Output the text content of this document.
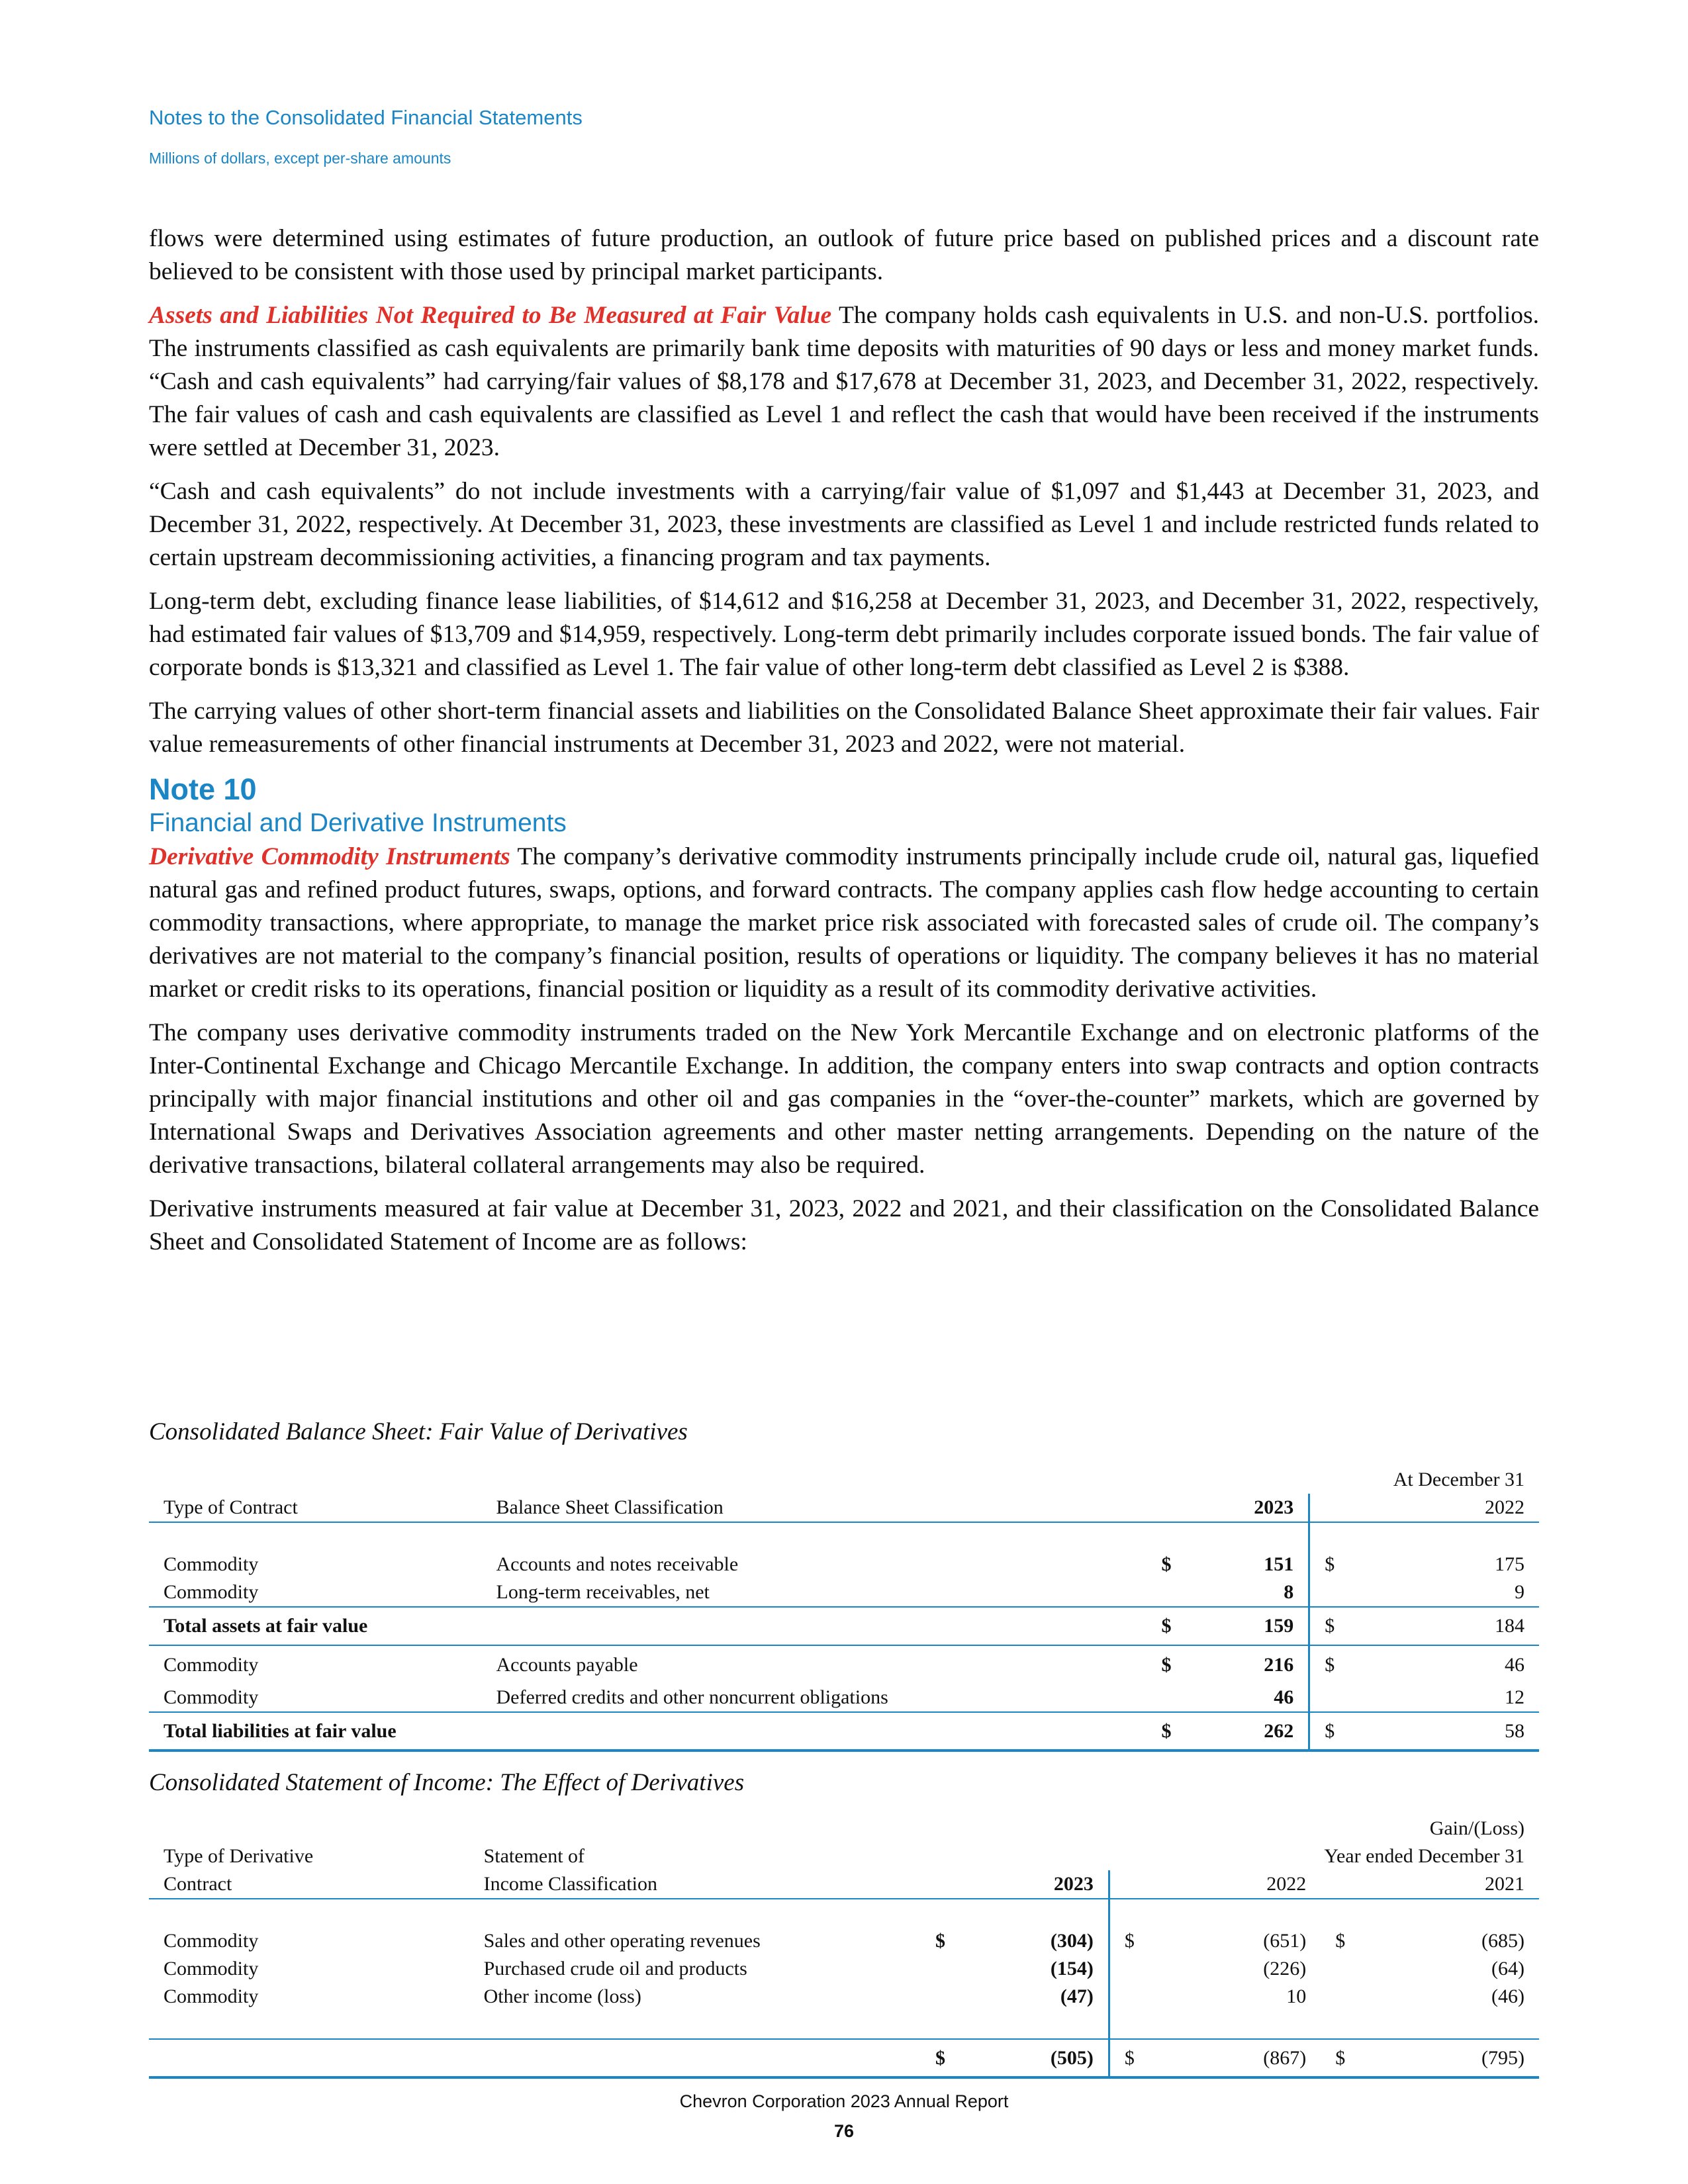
Notes to the Consolidated Financial Statements
Millions of dollars, except per-share amounts

flows were determined using estimates of future production, an outlook of future price based on published prices and a discount rate believed to be consistent with those used by principal market participants.

Assets and Liabilities Not Required to Be Measured at Fair Value The company holds cash equivalents in U.S. and non-U.S. portfolios. The instruments classified as cash equivalents are primarily bank time deposits with maturities of 90 days or less and money market funds. “Cash and cash equivalents” had carrying/fair values of $8,178 and $17,678 at December 31, 2023, and December 31, 2022, respectively. The fair values of cash and cash equivalents are classified as Level 1 and reflect the cash that would have been received if the instruments were settled at December 31, 2023.

“Cash and cash equivalents” do not include investments with a carrying/fair value of $1,097 and $1,443 at December 31, 2023, and December 31, 2022, respectively. At December 31, 2023, these investments are classified as Level 1 and include restricted funds related to certain upstream decommissioning activities, a financing program and tax payments.

Long-term debt, excluding finance lease liabilities, of $14,612 and $16,258 at December 31, 2023, and December 31, 2022, respectively, had estimated fair values of $13,709 and $14,959, respectively. Long-term debt primarily includes corporate issued bonds. The fair value of corporate bonds is $13,321 and classified as Level 1. The fair value of other long-term debt classified as Level 2 is $388.

The carrying values of other short-term financial assets and liabilities on the Consolidated Balance Sheet approximate their fair values. Fair value remeasurements of other financial instruments at December 31, 2023 and 2022, were not material.

Note 10
Financial and Derivative Instruments

Derivative Commodity Instruments The company’s derivative commodity instruments principally include crude oil, natural gas, liquefied natural gas and refined product futures, swaps, options, and forward contracts. The company applies cash flow hedge accounting to certain commodity transactions, where appropriate, to manage the market price risk associated with forecasted sales of crude oil. The company’s derivatives are not material to the company’s financial position, results of operations or liquidity. The company believes it has no material market or credit risks to its operations, financial position or liquidity as a result of its commodity derivative activities.

The company uses derivative commodity instruments traded on the New York Mercantile Exchange and on electronic platforms of the Inter-Continental Exchange and Chicago Mercantile Exchange. In addition, the company enters into swap contracts and option contracts principally with major financial institutions and other oil and gas companies in the “over-the-counter” markets, which are governed by International Swaps and Derivatives Association agreements and other master netting arrangements. Depending on the nature of the derivative transactions, bilateral collateral arrangements may also be required.

Derivative instruments measured at fair value at December 31, 2023, 2022 and 2021, and their classification on the Consolidated Balance Sheet and Consolidated Statement of Income are as follows:

Consolidated Balance Sheet: Fair Value of Derivatives
				At December 31	
Type of Contract	Balance Sheet Classification		2023		2022

Commodity	Accounts and notes receivable	$	151	$	175
Commodity	Long-term receivables, net		8		9
Total assets at fair value		$	159	$	184
Commodity	Accounts payable	$	216	$	46
Commodity	Deferred credits and other noncurrent obligations		46		12
Total liabilities at fair value		$	262	$	58
Consolidated Statement of Income: The Effect of Derivatives
							Gain/(Loss)
Type of Derivative	Statement of				Year ended December 31		
Contract	Income Classification		2023		2022		2021

Commodity	Sales and other operating revenues	$	(304)	$	(651)	$	(685)
Commodity	Purchased crude oil and products		(154)		(226)		(64)
Commodity	Other income (loss)		(47)		10		(46)

		$	(505)	$	(867)	$	(795)
Chevron Corporation 2023 Annual Report
76
